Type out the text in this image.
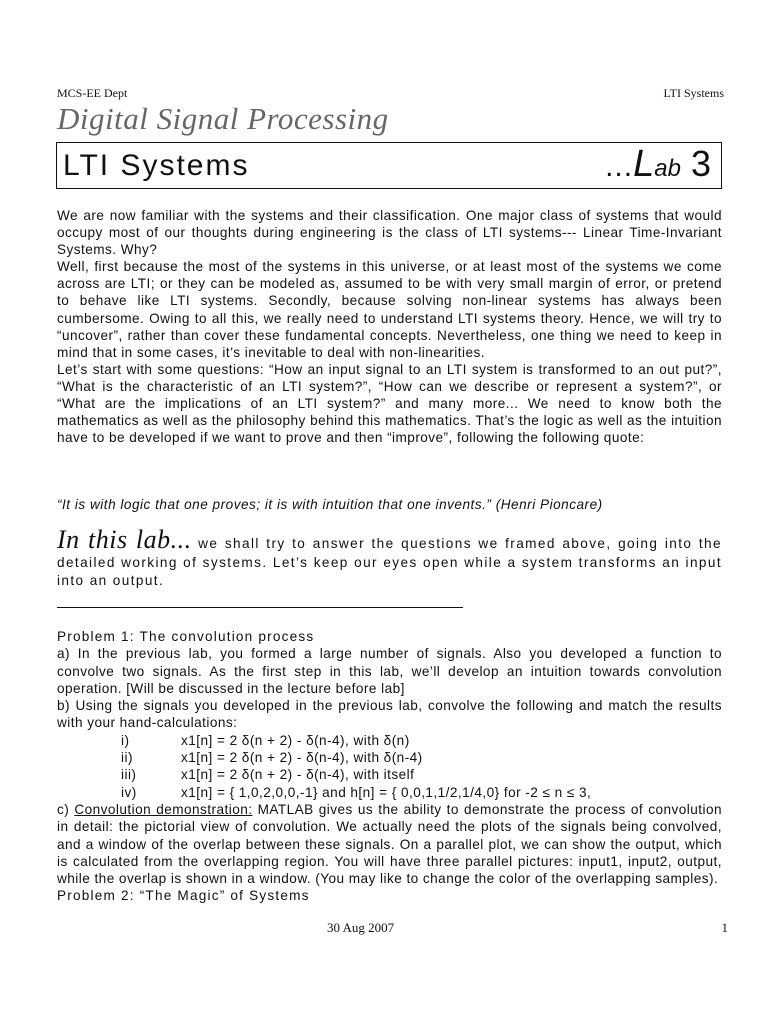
MCS-EE Dept	LTI Systems
Digital Signal Processing
LTI Systems	...Lab 3

We are now familiar with the systems and their classification. One major class of systems that would occupy most of our thoughts during engineering is the class of LTI systems--- Linear Time-Invariant Systems. Why?

Well, first because the most of the systems in this universe, or at least most of the systems we come across are LTI; or they can be modeled as, assumed to be with very small margin of error, or pretend to behave like LTI systems. Secondly, because solving non-linear systems has always been cumbersome. Owing to all this, we really need to understand LTI systems theory. Hence, we will try to “uncover”, rather than cover these fundamental concepts. Nevertheless, one thing we need to keep in mind that in some cases, it’s inevitable to deal with non-linearities.

Let’s start with some questions: “How an input signal to an LTI system is transformed to an out put?”, “What is the characteristic of an LTI system?”, “How can we describe or represent a system?”, or “What are the implications of an LTI system?” and many more... We need to know both the mathematics as well as the philosophy behind this mathematics. That’s the logic as well as the intuition have to be developed if we want to prove and then “improve”, following the following quote:

“It is with logic that one proves; it is with intuition that one invents.” (Henri Pioncare)
In this lab... we shall try to answer the questions we framed above, going into the detailed working of systems. Let’s keep our eyes open while a system transforms an input into an output.

Problem 1: The convolution process

a) In the previous lab, you formed a large number of signals. Also you developed a function to convolve two signals. As the first step in this lab, we’ll develop an intuition towards convolution operation. [Will be discussed in the lecture before lab]

b) Using the signals you developed in the previous lab, convolve the following and match the results with your hand-calculations:

i)	x1[n] = 2 δ(n + 2) - δ(n-4), with δ(n)
ii)	x1[n] = 2 δ(n + 2) - δ(n-4), with δ(n-4)
iii)	x1[n] = 2 δ(n + 2) - δ(n-4), with itself
iv)	x1[n] = { 1,0,2,0,0,-1} and h[n] = { 0,0,1,1/2,1/4,0} for -2 ≤ n ≤ 3,

c) Convolution demonstration: MATLAB gives us the ability to demonstrate the process of convolution in detail: the pictorial view of convolution. We actually need the plots of the signals being convolved, and a window of the overlap between these signals. On a parallel plot, we can show the output, which is calculated from the overlapping region. You will have three parallel pictures: input1, input2, output, while the overlap is shown in a window. (You may like to change the color of the overlapping samples).

Problem 2: “The Magic” of Systems

30 Aug 2007	1
